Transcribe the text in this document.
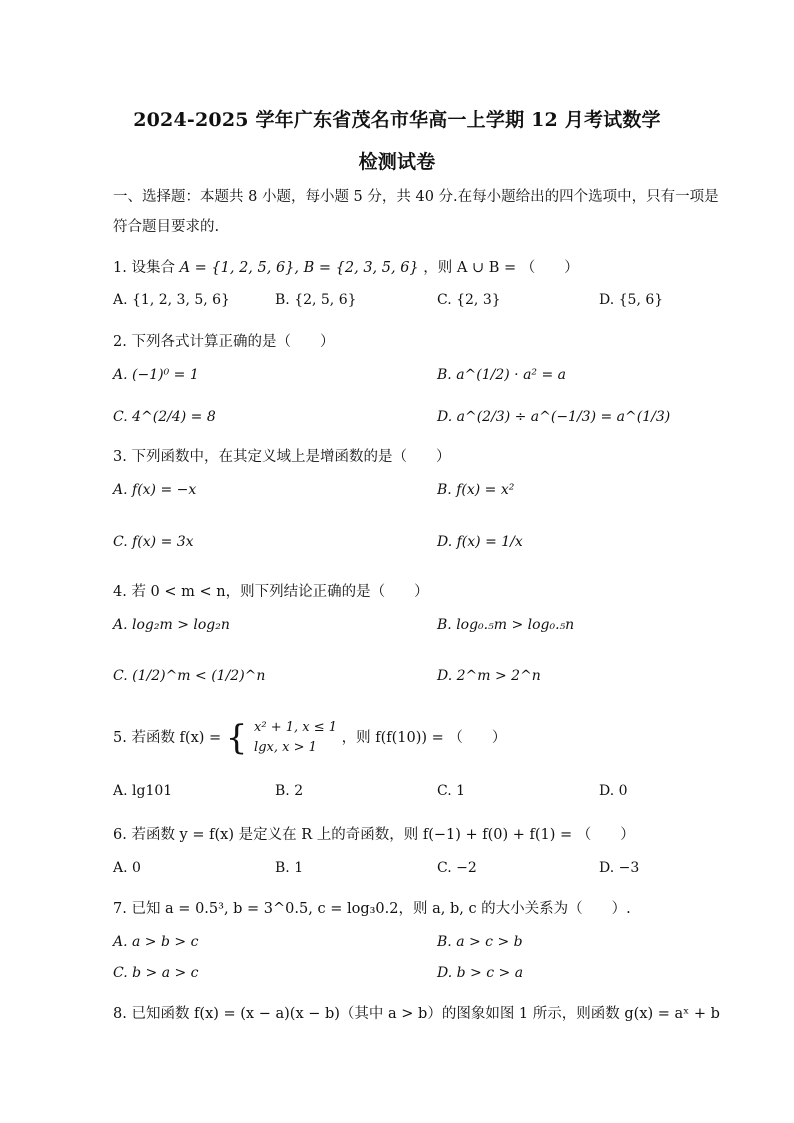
2024-2025 学年广东省茂名市华高一上学期 12 月考试数学
检测试卷
一、选择题：本题共 8 小题，每小题 5 分，共 40 分.在每小题给出的四个选项中，只有一项是
符合题目要求的.
1. 设集合 A = {1, 2, 5, 6}, B = {2, 3, 5, 6} ，则 A ∪ B = （　　）
A. {1, 2, 3, 5, 6}	B. {2, 5, 6}	C. {2, 3}	D. {5, 6}
2. 下列各式计算正确的是（　　）
A. (−1)⁰ = 1	B. a^(1/2) · a² = a
C. 4^(2/4) = 8	D. a^(2/3) ÷ a^(−1/3) = a^(1/3)
3. 下列函数中，在其定义域上是增函数的是（　　）
A. f(x) = −x	B. f(x) = x²
C. f(x) = 3x	D. f(x) = 1/x
4. 若 0 < m < n，则下列结论正确的是（　　）
A. log₂m > log₂n	B. log₀.₅m > log₀.₅n
C. (1/2)^m < (1/2)^n	D. 2^m > 2^n
5. 若函数 f(x) = { x² + 1, x ≤ 1
lgx, x > 1
，则 f(f(10)) = （　　）
A. lg101	B. 2	C. 1	D. 0
6. 若函数 y = f(x) 是定义在 R 上的奇函数，则 f(−1) + f(0) + f(1) = （　　）
A. 0	B. 1	C. −2	D. −3
7. 已知 a = 0.5³, b = 3^0.5, c = log₃0.2，则 a, b, c 的大小关系为（　　）.
A. a > b > c	B. a > c > b
C. b > a > c	D. b > c > a
8. 已知函数 f(x) = (x − a)(x − b)（其中 a > b）的图象如图 1 所示，则函数 g(x) = aˣ + b
